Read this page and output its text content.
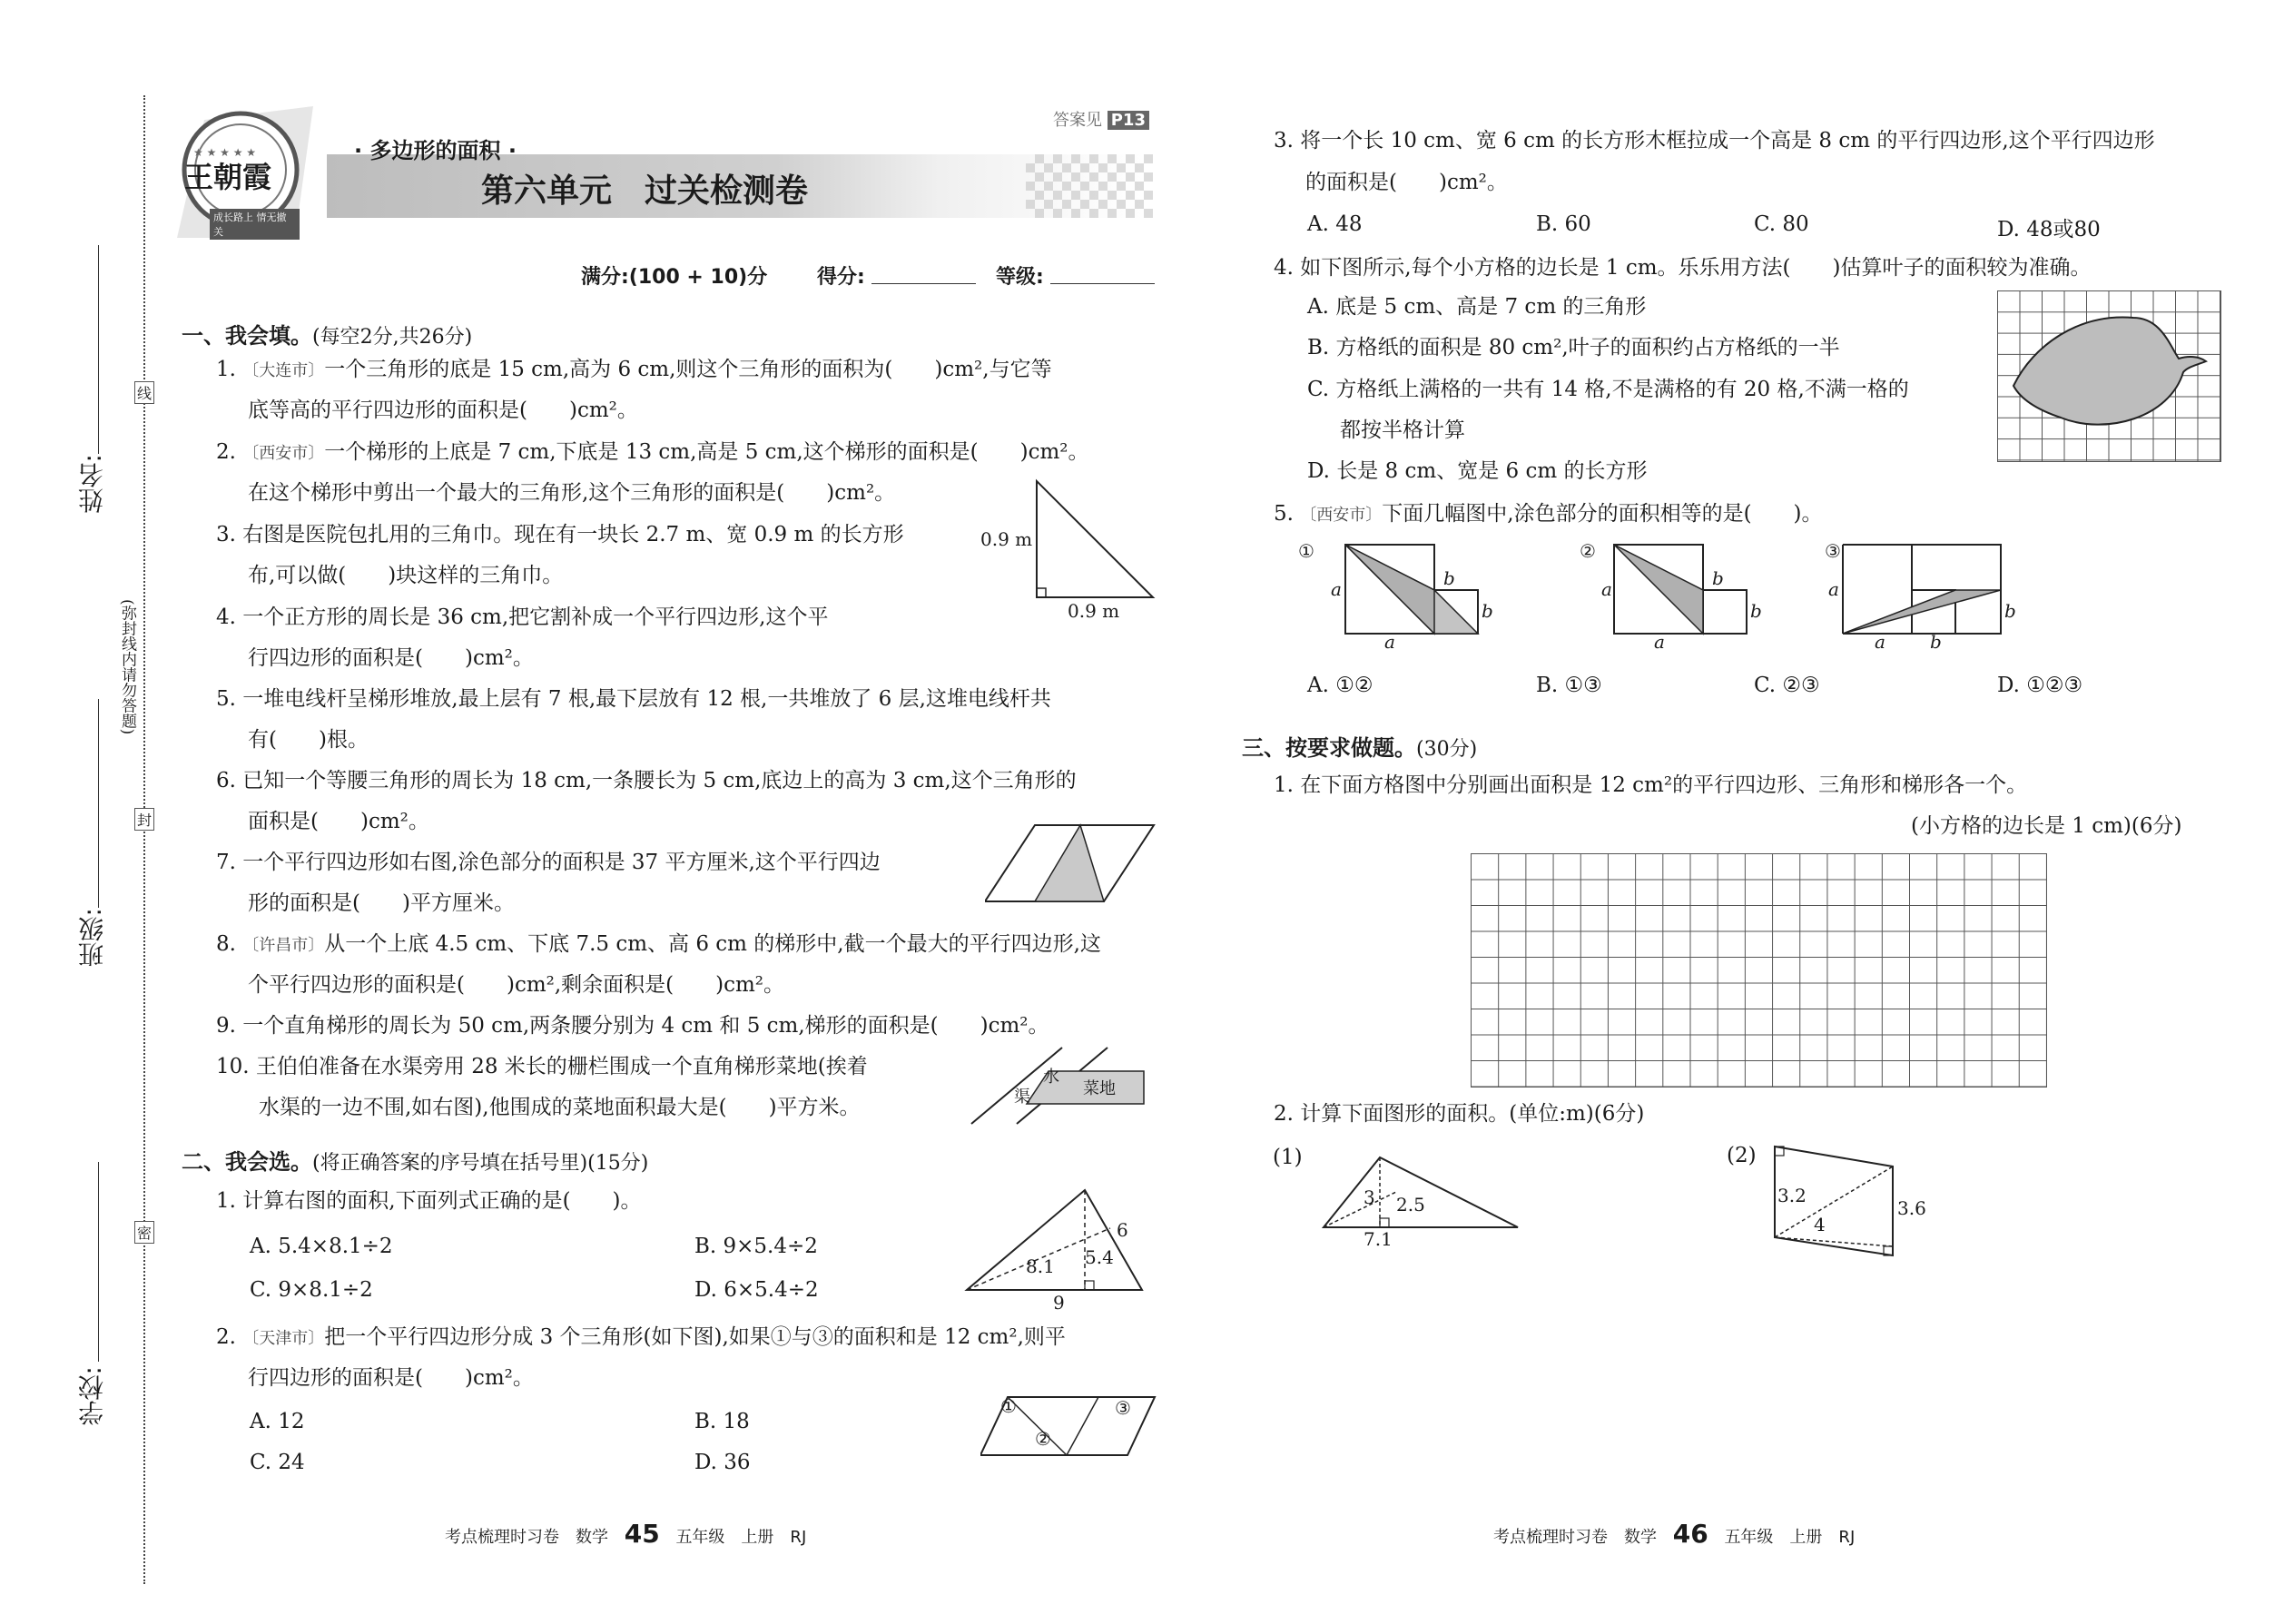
姓名:
班级:
学校:
线
(弥封线内请勿答题)
封
密
★ ★ ★ ★ ★
王朝霞
成长路上 情无撤关
· 多边形的面积 ·
第六单元　过关检测卷
答案见 P13
满分:(100 + 10)分 得分:	等级:
一、我会填。(每空2分,共26分)
1. 〔大连市〕一个三角形的底是 15 cm,高为 6 cm,则这个三角形的面积为(　　)cm²,与它等
底等高的平行四边形的面积是(　　)cm²。
2. 〔西安市〕一个梯形的上底是 7 cm,下底是 13 cm,高是 5 cm,这个梯形的面积是(　　)cm²。
在这个梯形中剪出一个最大的三角形,这个三角形的面积是(　　)cm²。
3. 右图是医院包扎用的三角巾。现在有一块长 2.7 m、宽 0.9 m 的长方形
布,可以做(　　)块这样的三角巾。
0.9 m
0.9 m
4. 一个正方形的周长是 36 cm,把它割补成一个平行四边形,这个平
行四边形的面积是(　　)cm²。
5. 一堆电线杆呈梯形堆放,最上层有 7 根,最下层放有 12 根,一共堆放了 6 层,这堆电线杆共
有(　　)根。
6. 已知一个等腰三角形的周长为 18 cm,一条腰长为 5 cm,底边上的高为 3 cm,这个三角形的
面积是(　　)cm²。
7. 一个平行四边形如右图,涂色部分的面积是 37 平方厘米,这个平行四边
形的面积是(　　)平方厘米。
8. 〔许昌市〕从一个上底 4.5 cm、下底 7.5 cm、高 6 cm 的梯形中,截一个最大的平行四边形,这
个平行四边形的面积是(　　)cm²,剩余面积是(　　)cm²。
9. 一个直角梯形的周长为 50 cm,两条腰分别为 4 cm 和 5 cm,梯形的面积是(　　)cm²。
10. 王伯伯准备在水渠旁用 28 米长的栅栏围成一个直角梯形菜地(挨着
水渠的一边不围,如右图),他围成的菜地面积最大是(　　)平方米。
水
渠	菜地
二、我会选。(将正确答案的序号填在括号里)(15分)
1. 计算右图的面积,下面列式正确的是(　　)。
A. 5.4×8.1÷2	B. 9×5.4÷2
C. 9×8.1÷2	D. 6×5.4÷2
6
8.1 5.4
9
2. 〔天津市〕把一个平行四边形分成 3 个三角形(如下图),如果①与③的面积和是 12 cm²,则平
行四边形的面积是(　　)cm²。
A. 12	B. 18
C. 24	D. 36
①
②
③
3. 将一个长 10 cm、宽 6 cm 的长方形木框拉成一个高是 8 cm 的平行四边形,这个平行四边形
的面积是(　　)cm²。
A. 48	B. 60	C. 80	D. 48或80
4. 如下图所示,每个小方格的边长是 1 cm。乐乐用方法(　　)估算叶子的面积较为准确。
A. 底是 5 cm、高是 7 cm 的三角形
B. 方格纸的面积是 80 cm²,叶子的面积约占方格纸的一半
C. 方格纸上满格的一共有 14 格,不是满格的有 20 格,不满一格的
都按半格计算
D. 长是 8 cm、宽是 6 cm 的长方形
5. 〔西安市〕下面几幅图中,涂色部分的面积相等的是(　　)。
①
a
a
b
b
②
a
a
b
b
③
a
a
b
b
A. ①②	B. ①③	C. ②③	D. ①②③
三、按要求做题。(30分)
1. 在下面方格图中分别画出面积是 12 cm²的平行四边形、三角形和梯形各一个。
(小方格的边长是 1 cm)(6分)
2. 计算下面图形的面积。(单位:m)(6分)
(1)
3 2.5
7.1
(2)
3.2
4
3.6
考点梳理时习卷　数学 45 五年级　上册　RJ	考点梳理时习卷　数学 46 五年级　上册　RJ
